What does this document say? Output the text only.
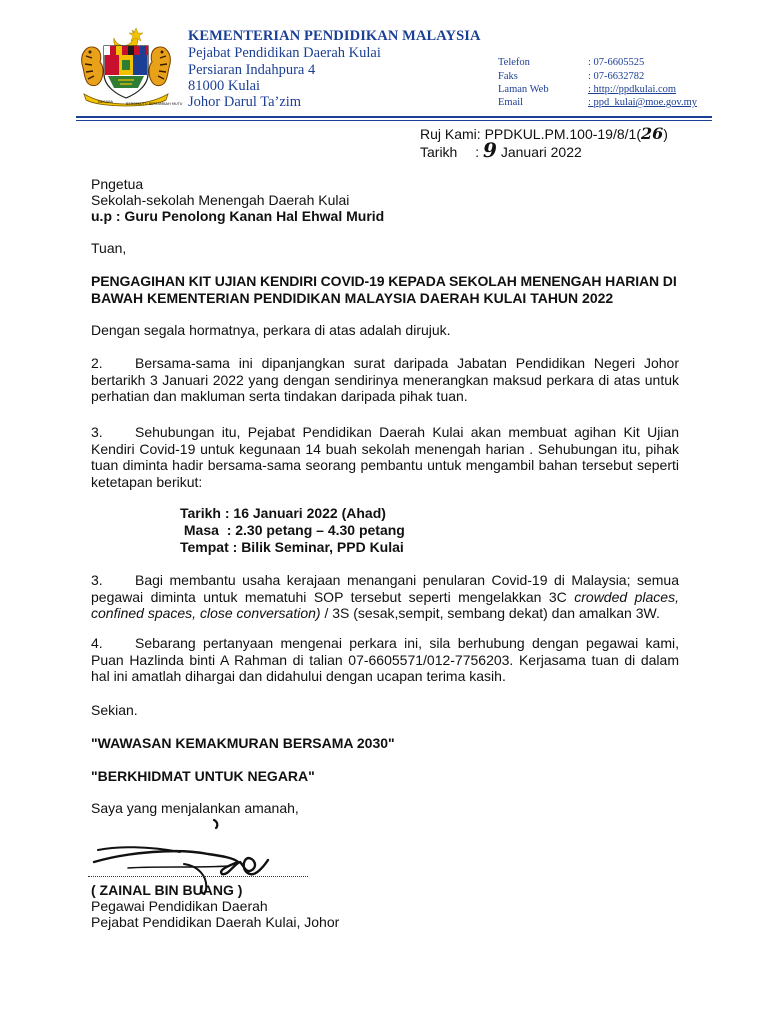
NEGARA	BERSEKUTU BERTAMBAH MUTU
KEMENTERIAN PENDIDIKAN MALAYSIA
Pejabat Pendidikan Daerah Kulai
Persiaran Indahpura 4
81000 Kulai
Johor Darul Ta’zim
Telefon	: 07-6605525
Faks	: 07-6632782
Laman Web	: http://ppdkulai.com
Email	: ppd_kulai@moe.gov.my
Ruj Kami: PPDKUL.PM.100-19/8/1(26)
Tarikh : 9 Januari 2022
Pngetua
Sekolah-sekolah Menengah Daerah Kulai
u.p : Guru Penolong Kanan Hal Ehwal Murid
Tuan,
PENGAGIHAN KIT UJIAN KENDIRI COVID-19 KEPADA SEKOLAH MENENGAH HARIAN DI
BAWAH KEMENTERIAN PENDIDIKAN MALAYSIA DAERAH KULAI TAHUN 2022
Dengan segala hormatnya, perkara di atas adalah dirujuk.
2. Bersama-sama ini dipanjangkan surat daripada Jabatan Pendidikan Negeri Johor bertarikh 3 Januari 2022 yang dengan sendirinya menerangkan maksud perkara di atas untuk perhatian dan makluman serta tindakan daripada pihak tuan.
3. Sehubungan itu, Pejabat Pendidikan Daerah Kulai akan membuat agihan Kit Ujian Kendiri Covid-19 untuk kegunaan 14 buah sekolah menengah harian . Sehubungan itu, pihak tuan diminta hadir bersama-sama seorang pembantu untuk mengambil bahan tersebut seperti ketetapan berikut:
Tarikh : 16 Januari 2022 (Ahad)
Masa  : 2.30 petang – 4.30 petang
Tempat : Bilik Seminar, PPD Kulai
3. Bagi membantu usaha kerajaan menangani penularan Covid-19 di Malaysia; semua pegawai diminta untuk mematuhi SOP tersebut seperti mengelakkan 3C crowded places, confined spaces, close conversation) / 3S (sesak,sempit, sembang dekat) dan amalkan 3W.
4. Sebarang pertanyaan mengenai perkara ini, sila berhubung dengan pegawai kami, Puan Hazlinda binti A Rahman di talian 07-6605571/012-7756203. Kerjasama tuan di dalam hal ini amatlah dihargai dan didahului dengan ucapan terima kasih.
Sekian.
"WAWASAN KEMAKMURAN BERSAMA 2030"
"BERKHIDMAT UNTUK NEGARA"
Saya yang menjalankan amanah,
( ZAINAL BIN BUANG )
Pegawai Pendidikan Daerah
Pejabat Pendidikan Daerah Kulai, Johor
